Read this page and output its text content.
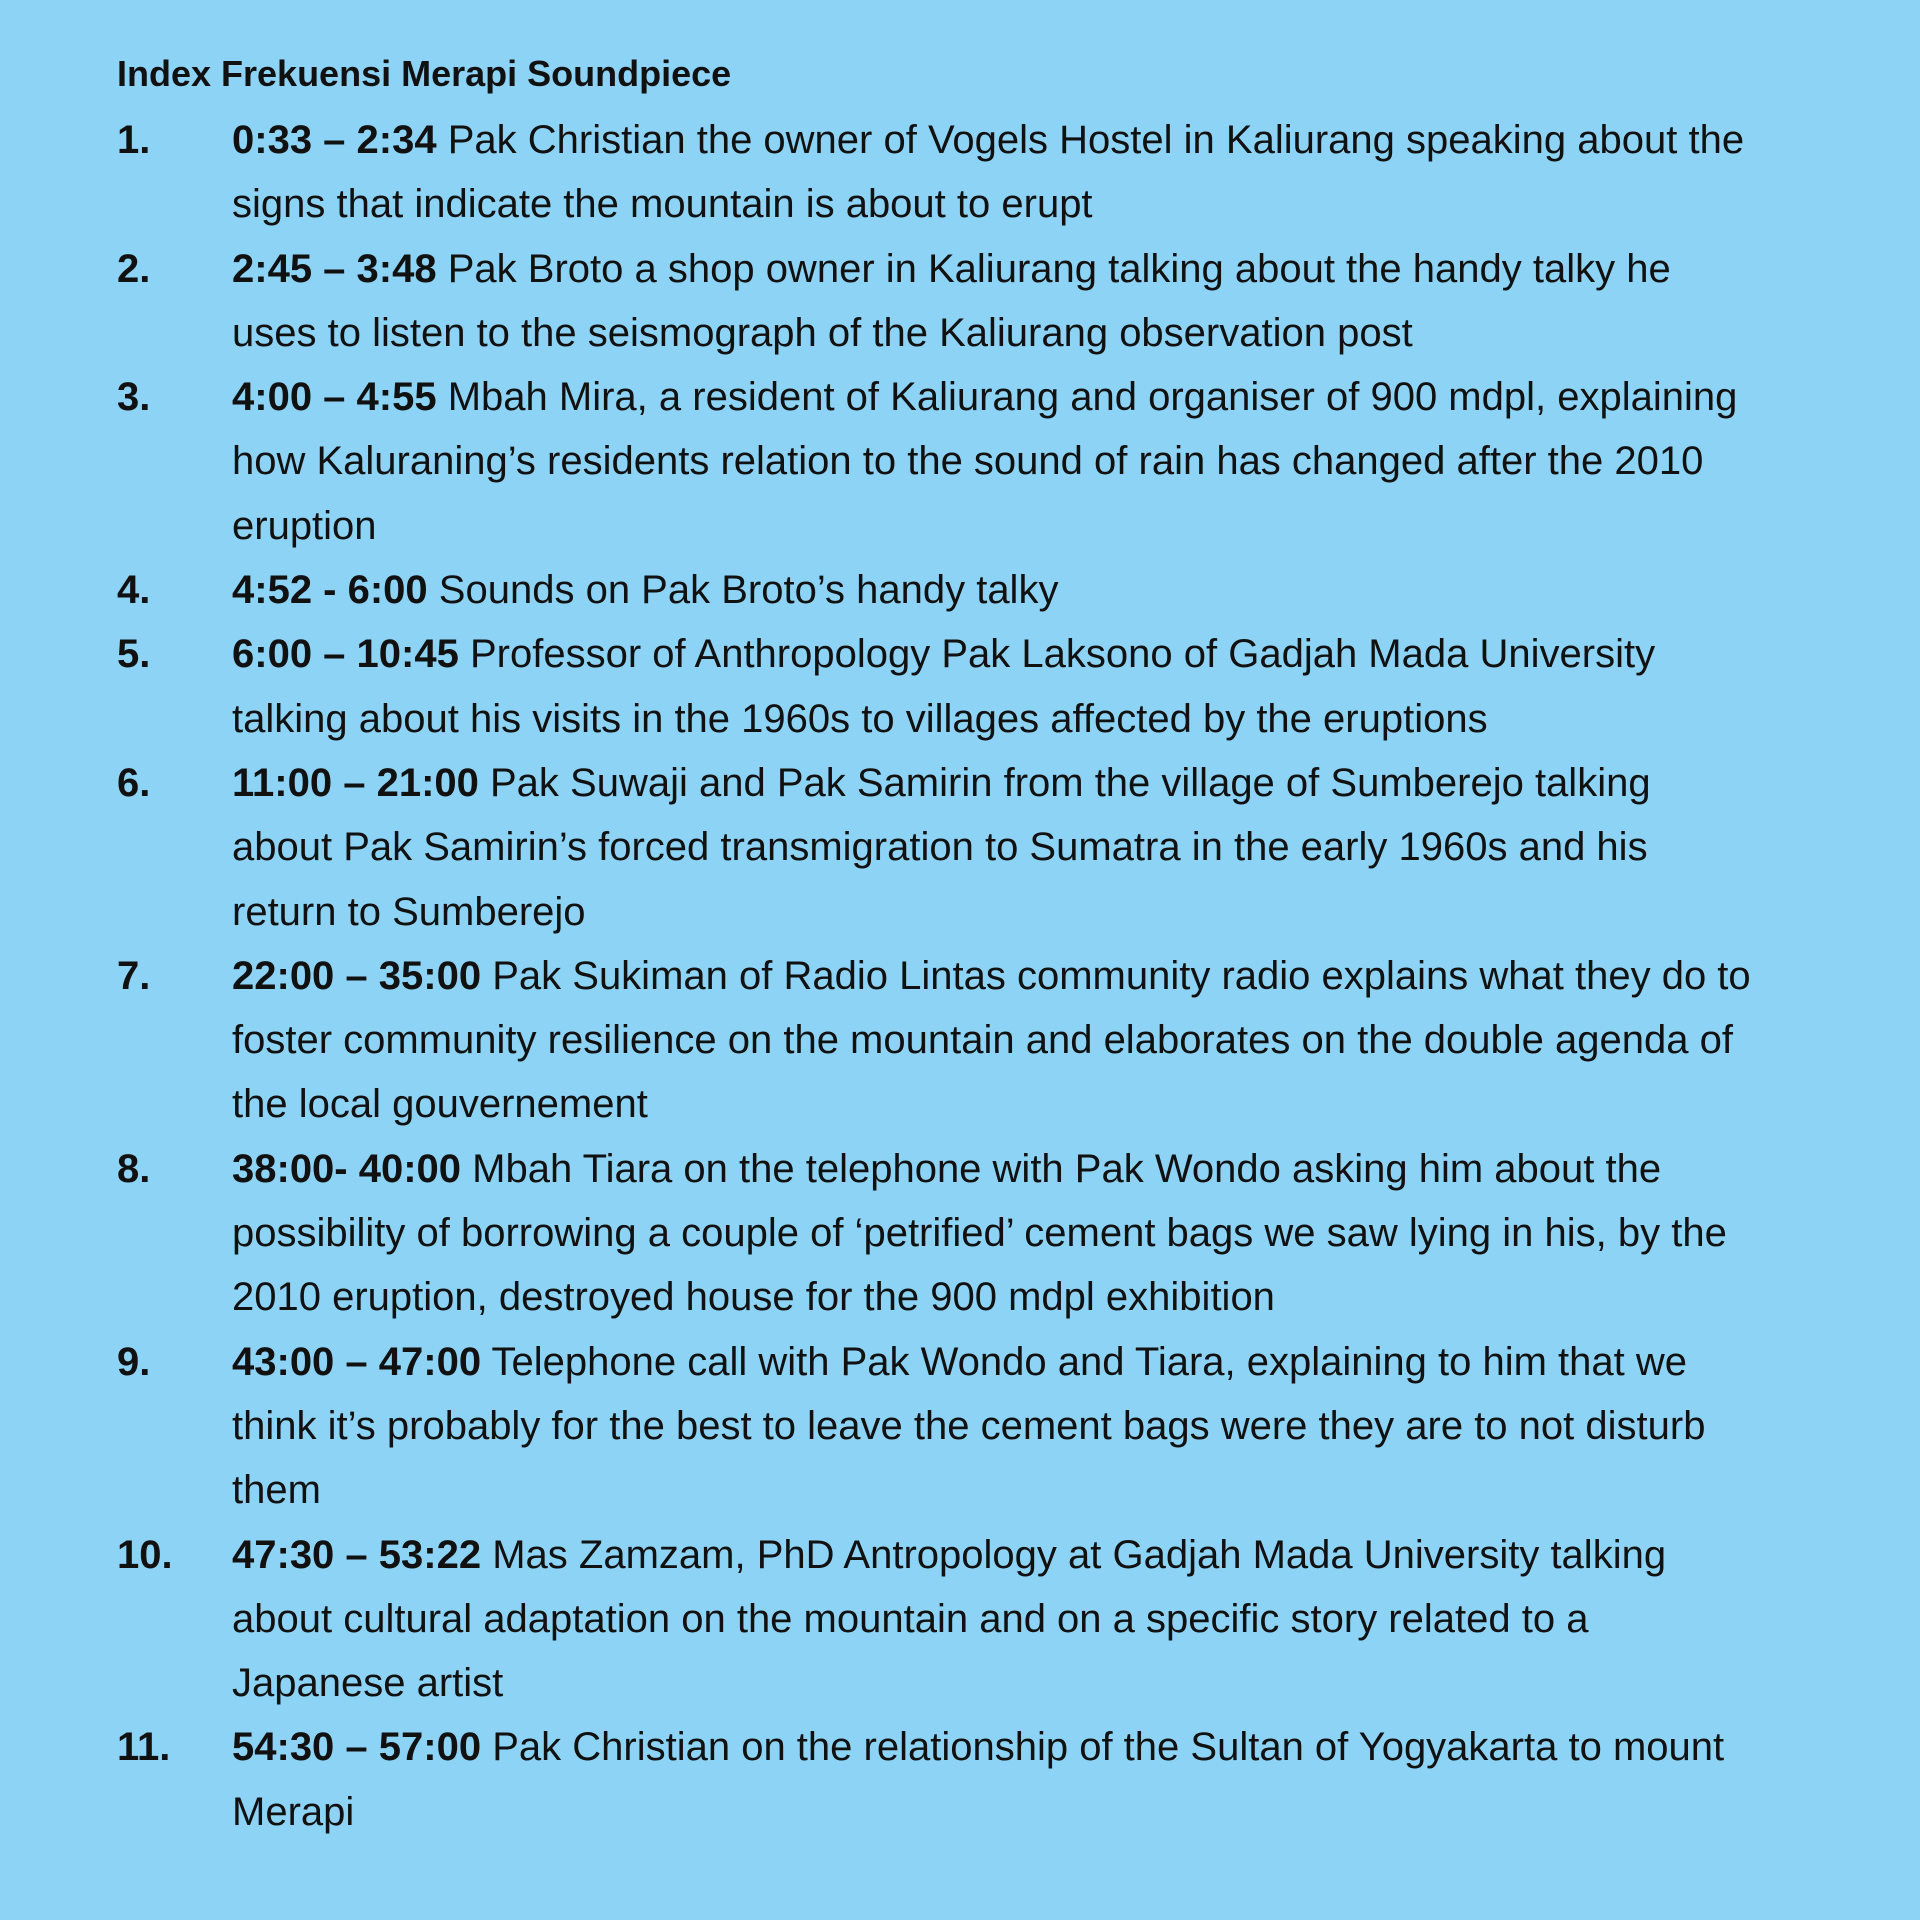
Index Frekuensi Merapi Soundpiece
1.	0:33 – 2:34 Pak Christian the owner of Vogels Hostel in Kaliurang speaking about the signs that indicate the mountain is about to erupt
2.	2:45 – 3:48 Pak Broto a shop owner in Kaliurang talking about the handy talky he uses to listen to the seismograph of the Kaliurang observation post
3.	4:00 – 4:55 Mbah Mira, a resident of Kaliurang and organiser of 900 mdpl, explaining how Kaluraning’s residents relation to the sound of rain has changed after the 2010 eruption
4.	4:52 - 6:00 Sounds on Pak Broto’s handy talky
5.	6:00 – 10:45 Professor of Anthropology Pak Laksono of Gadjah Mada University talking about his visits in the 1960s to villages affected by the eruptions
6.	11:00 – 21:00 Pak Suwaji and Pak Samirin from the village of Sumberejo talking about Pak Samirin’s forced transmigration to Sumatra in the early 1960s and his return to Sumberejo
7.	22:00 – 35:00 Pak Sukiman of Radio Lintas community radio explains what they do to foster community resilience on the mountain and elaborates on the double agenda of the local gouvernement
8.	38:00- 40:00 Mbah Tiara on the telephone with Pak Wondo asking him about the possibility of borrowing a couple of ‘petrified’ cement bags we saw lying in his, by the 2010 eruption, destroyed house for the 900 mdpl exhibition
9.	43:00 – 47:00 Telephone call with Pak Wondo and Tiara, explaining to him that we think it’s probably for the best to leave the cement bags were they are to not disturb them
10.	47:30 – 53:22 Mas Zamzam, PhD Antropology at Gadjah Mada University talking about cultural adaptation on the mountain and on a specific story related to a Japanese artist
11.	54:30 – 57:00 Pak Christian on the relationship of the Sultan of Yogyakarta to mount Merapi
